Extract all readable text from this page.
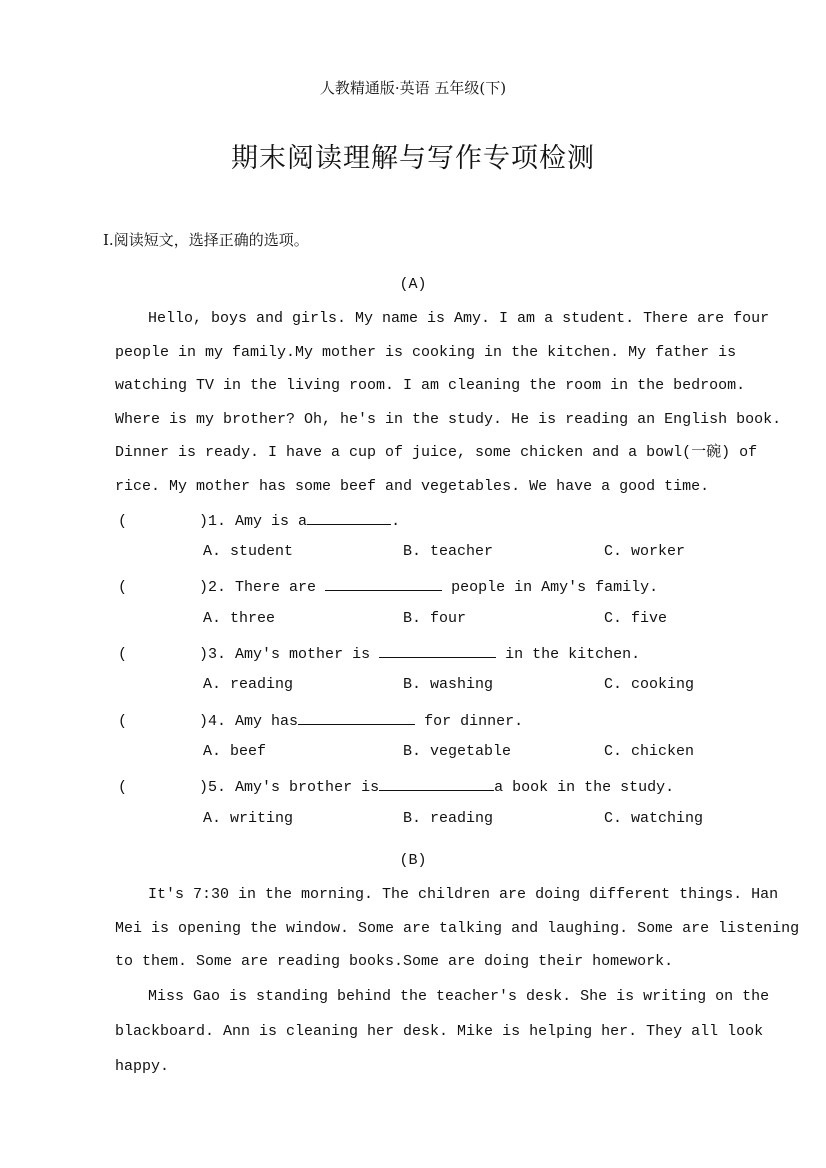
人教精通版·英语 五年级(下)
期末阅读理解与写作专项检测
Ⅰ.阅读短文，选择正确的选项。
(A)
Hello, boys and girls. My name is Amy. I am a student. There are four
people in my family.My mother is cooking in the kitchen. My father is
watching TV in the living room. I am cleaning the room in the bedroom.
Where is my brother? Oh, he's in the study. He is reading an English book.
Dinner is ready. I have a cup of juice, some chicken and a bowl(一碗) of
rice. My mother has some beef and vegetables. We have a good time.
(        )1. Amy is a	.
A. student	B. teacher	C. worker
(        )2. There are	people in Amy's family.
A. three	B. four	C. five
(        )3. Amy's mother is	in the kitchen.
A. reading	B. washing	C. cooking
(        )4. Amy has	for dinner.
A. beef	B. vegetable	C. chicken
(        )5. Amy's brother is	a book in the study.
A. writing	B. reading	C. watching
(B)
It's 7:30 in the morning. The children are doing different things. Han
Mei is opening the window. Some are talking and laughing. Some are listening
to them. Some are reading books.Some are doing their homework.
Miss Gao is standing behind the teacher's desk. She is writing on the
blackboard. Ann is cleaning her desk. Mike is helping her. They all look
happy.
